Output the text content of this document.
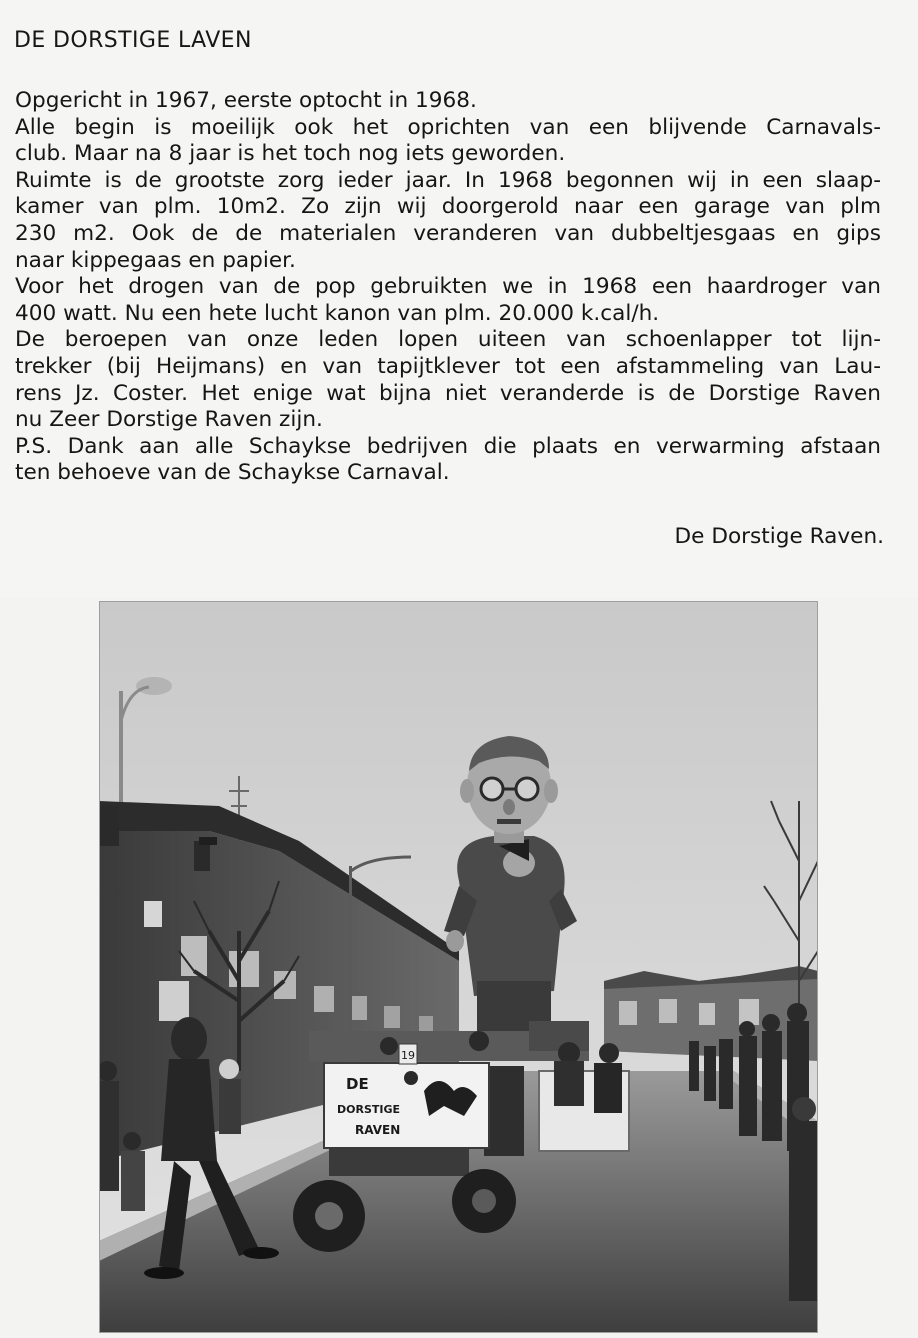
DE DORSTIGE LAVEN
Opgericht in 1967, eerste optocht in 1968.
Alle begin is moeilijk ook het oprichten van een blijvende Carnavals-
club. Maar na 8 jaar is het toch nog iets geworden.
Ruimte is de grootste zorg ieder jaar. In 1968 begonnen wij in een slaap-
kamer van plm. 10m2. Zo zijn wij doorgerold naar een garage van plm
230 m2. Ook de de materialen veranderen van dubbeltjesgaas en gips
naar kippegaas en papier.
Voor het drogen van de pop gebruikten we in 1968 een haardroger van
400 watt. Nu een hete lucht kanon van plm. 20.000 k.cal/h.
De beroepen van onze leden lopen uiteen van schoenlapper tot lijn-
trekker (bij Heijmans) en van tapijtklever tot een afstammeling van Lau-
rens Jz. Coster. Het enige wat bijna niet veranderde is de Dorstige Raven
nu Zeer Dorstige Raven zijn.
P.S. Dank aan alle Schaykse bedrijven die plaats en verwarming afstaan
ten behoeve van de Schaykse Carnaval.
De Dorstige Raven.
DE
DORSTIGE
RAVEN
19
